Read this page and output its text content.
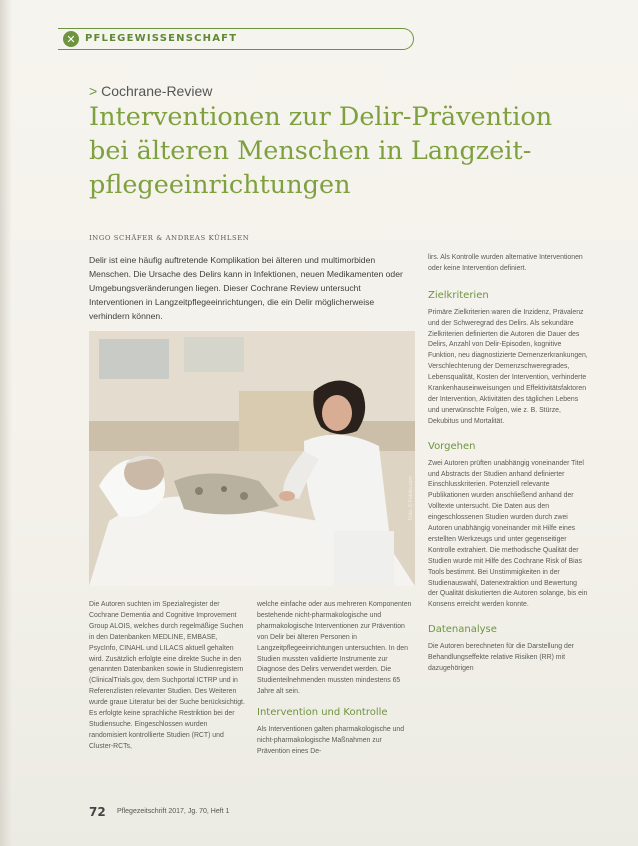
✕ PFLEGEWISSENSCHAFT
> Cochrane-Review
Interventionen zur Delir-Prävention bei älteren Menschen in Langzeit-pflegeeinrichtungen
INGO SCHÄFER & ANDREAS KÜHLSEN

Delir ist eine häufig auftretende Komplikation bei älteren und multimorbiden Menschen. Die Ursache des Delirs kann in Infektionen, neuen Medikamenten oder Umgebungsveränderungen liegen. Dieser Cochrane Review untersucht Interventionen in Langzeitpflegeeinrichtungen, die ein Delir möglicherweise verhindern können.

Foto: © Fotolia.com

Die Autoren suchten im Spezialregister der Cochrane Dementia and Cognitive Improvement Group ALOIS, welches durch regelmäßige Suchen in den Datenbanken MEDLINE, EMBASE, PsycInfo, CINAHL und LILACS aktuell gehalten wird. Zusätzlich erfolgte eine direkte Suche in den genannten Datenbanken sowie in Studienregistern (ClinicalTrials.gov, dem Suchportal ICTRP und in Referenzlisten relevanter Studien. Des Weiteren wurde graue Literatur bei der Suche berücksichtigt. Es erfolgte keine sprachliche Restriktion bei der Studiensuche. Eingeschlossen wurden randomisiert kontrollierte Studien (RCT) und Cluster-RCTs,

welche einfache oder aus mehreren Komponenten bestehende nicht-pharmakologische und pharmakologische Interventionen zur Prävention von Delir bei älteren Personen in Langzeitpflegeeinrichtungen untersuchten. In den Studien mussten validierte Instrumente zur Diagnose des Delirs verwendet werden. Die Studienteilnehmenden mussten mindestens 65 Jahre alt sein.

Intervention und Kontrolle

Als Interventionen galten pharmakologische und nicht-pharmakologische Maßnahmen zur Prävention eines De-

lirs. Als Kontrolle wurden alternative Interventionen oder keine Intervention definiert.

Zielkriterien

Primäre Zielkriterien waren die Inzidenz, Prävalenz und der Schweregrad des Delirs. Als sekundäre Zielkriterien definierten die Autoren die Dauer des Delirs, Anzahl von Delir-Episoden, kognitive Funktion, neu diagnostizierte Demenzerkrankungen, Verschlechterung der Demenzschweregrades, Lebensqualität, Kosten der Intervention, verhinderte Krankenhauseinweisungen und Effektivitätsfaktoren der Intervention, Aktivitäten des täglichen Lebens und unerwünschte Folgen, wie z. B. Stürze, Dekubitus und Mortalität.

Vorgehen

Zwei Autoren prüften unabhängig voneinander Titel und Abstracts der Studien anhand definierter Einschlusskriterien. Potenziell relevante Publikationen wurden anschließend anhand der Volltexte untersucht. Die Daten aus den eingeschlossenen Studien wurden durch zwei Autoren unabhängig voneinander mit Hilfe eines erstellten Werkzeugs und unter gegenseitiger Kontrolle extrahiert. Die methodische Qualität der Studien wurde mit Hilfe des Cochrane Risk of Bias Tools bestimmt. Bei Unstimmigkeiten in der Studienauswahl, Datenextraktion und Bewertung der Qualität diskutierten die Autoren solange, bis ein Konsens erreicht werden konnte.

Datenanalyse

Die Autoren berechneten für die Darstellung der Behandlungseffekte relative Risiken (RR) mit dazugehörigen

72 Pflegezeitschrift 2017, Jg. 70, Heft 1
